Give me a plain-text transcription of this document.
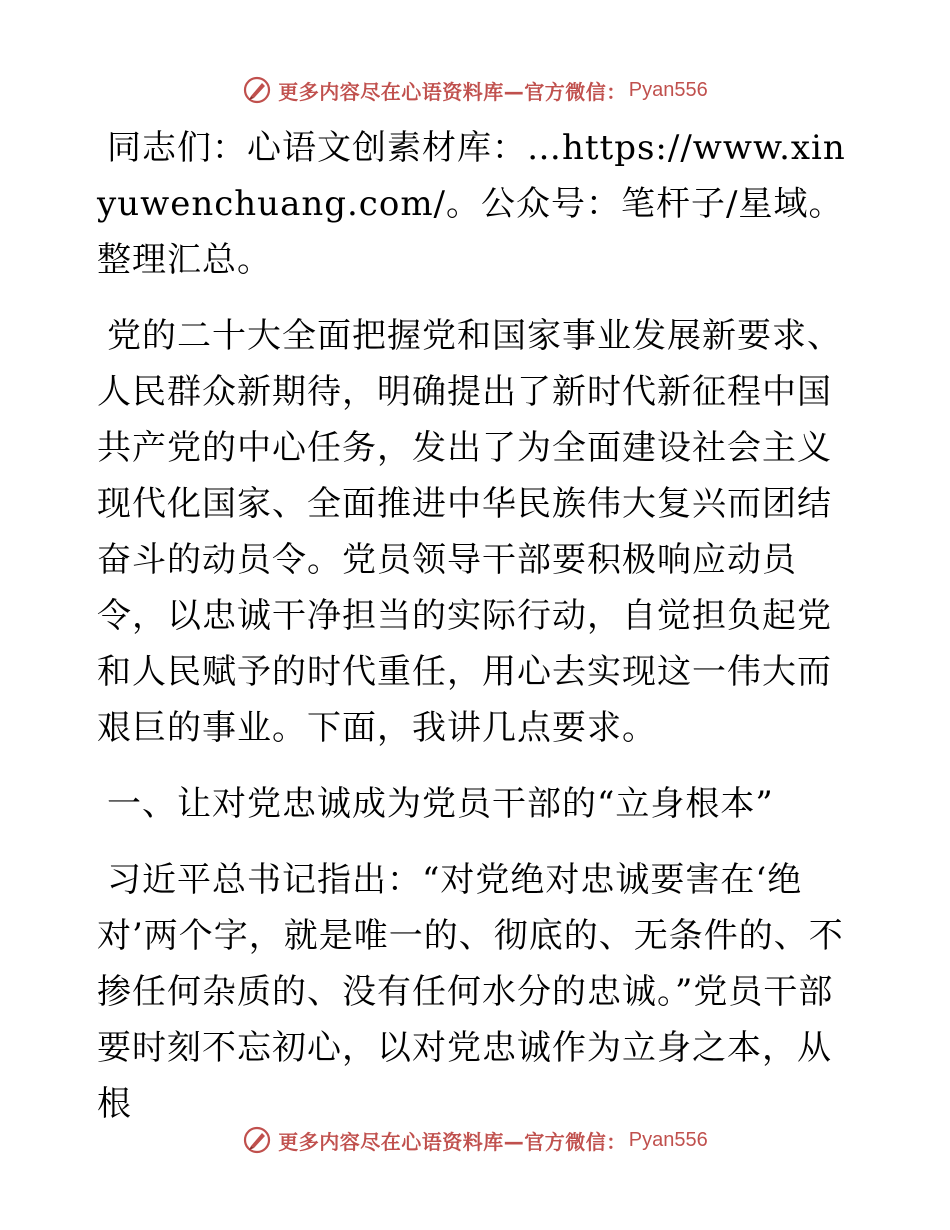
更多内容尽在心语资料库—官方微信： Pyan556

同志们：心语文创素材库：…https://www.xinyuwenchuang.com/。公众号：笔杆子/星域。整理汇总。

党的二十大全面把握党和国家事业发展新要求、人民群众新期待，明确提出了新时代新征程中国共产党的中心任务，发出了为全面建设社会主义现代化国家、全面推进中华民族伟大复兴而团结奋斗的动员令。党员领导干部要积极响应动员令，以忠诚干净担当的实际行动，自觉担负起党和人民赋予的时代重任，用心去实现这一伟大而艰巨的事业。下面，我讲几点要求。

一、让对党忠诚成为党员干部的“立身根本”

习近平总书记指出：“对党绝对忠诚要害在‘绝对’两个字，就是唯一的、彻底的、无条件的、不掺任何杂质的、没有任何水分的忠诚。”党员干部要时刻不忘初心，以对党忠诚作为立身之本，从根

更多内容尽在心语资料库—官方微信： Pyan556
